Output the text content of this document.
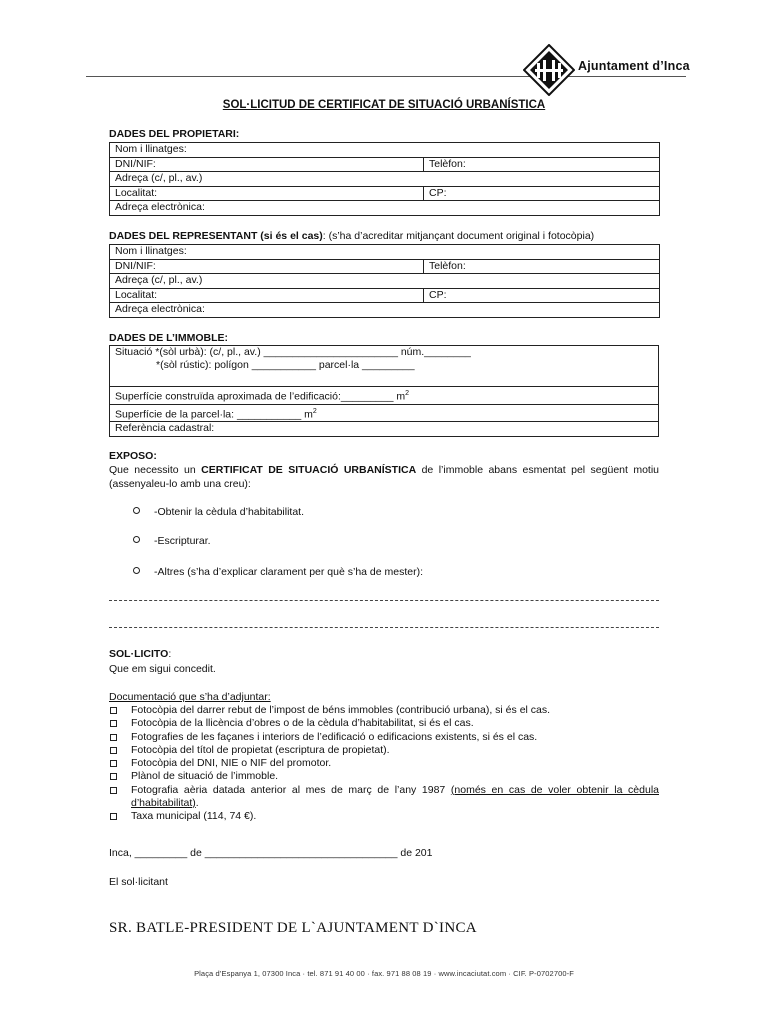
Ajuntament d’Inca
SOL·LICITUD DE CERTIFICAT DE SITUACIÓ URBANÍSTICA
DADES DEL PROPIETARI:
Nom i llinatges:	
DNI/NIF:	Telèfon:
Adreça (c/, pl., av.)	
Localitat:	CP:
Adreça electrònica:	
DADES DEL REPRESENTANT (si és el cas): (s’ha d’acreditar mitjançant document original i fotocòpia)
Nom i llinatges:	
DNI/NIF:	Telèfon:
Adreça (c/, pl., av.)	
Localitat:	CP:
Adreça electrònica:	
DADES DE L’IMMOBLE:
Situació *(sòl urbà): (c/, pl., av.) _______________________ núm.________
*(sòl rústic): polígon ___________ parcel·la _________

Superfície construïda aproximada de l’edificació:_________ $m^2$
Superfície de la parcel·la: ___________ $m^2$
Referència cadastral:
EXPOSO:
Que necessito un CERTIFICAT DE SITUACIÓ URBANÍSTICA de l’immoble abans esmentat pel següent motiu (assenyaleu-lo amb una creu):
-Obtenir la cèdula d’habitabilitat.
-Escripturar.
-Altres (s’ha d’explicar clarament per què s’ha de mester):
SOL·LICITO:
Que em sigui concedit.
Documentació que s’ha d’adjuntar:
Fotocòpia del darrer rebut de l’impost de béns immobles (contribució urbana), si és el cas.
Fotocòpia de la llicència d’obres o de la cèdula d’habitabilitat, si és el cas.
Fotografies de les façanes i interiors de l’edificació o edificacions existents, si és el cas.
Fotocòpia del títol de propietat (escriptura de propietat).
Fotocòpia del DNI, NIE o NIF del promotor.
Plànol de situació de l’immoble.
Fotografia aèria datada anterior al mes de març de l’any 1987 (només en cas de voler obtenir la cèdula d’habitabilitat).
Taxa municipal (114, 74 €).
Inca, _________ de _________________________________ de 201
El sol·licitant
SR. BATLE-PRESIDENT DE L`AJUNTAMENT D`INCA
Plaça d’Espanya 1, 07300 Inca · tel. 871 91 40 00 · fax. 971 88 08 19 · www.incaciutat.com · CIF. P-0702700-F
